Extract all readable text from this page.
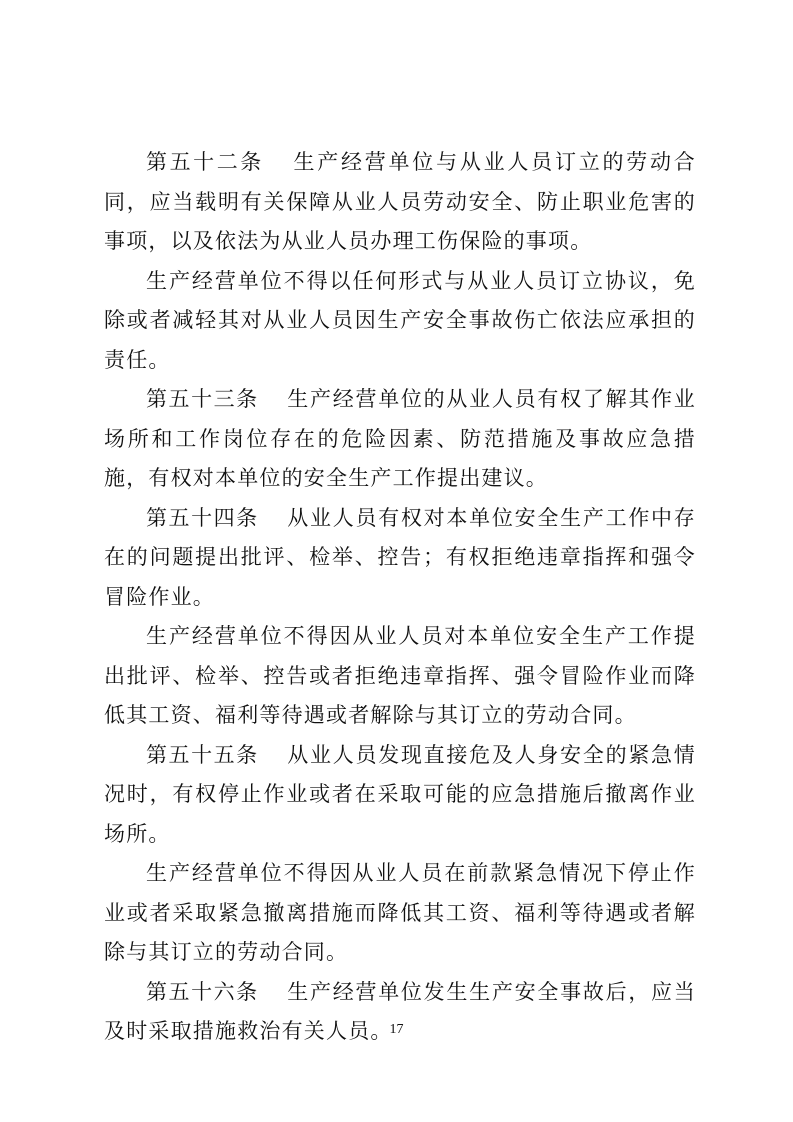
第五十二条 生产经营单位与从业人员订立的劳动合同，应当载明有关保障从业人员劳动安全、防止职业危害的事项，以及依法为从业人员办理工伤保险的事项。

生产经营单位不得以任何形式与从业人员订立协议，免除或者减轻其对从业人员因生产安全事故伤亡依法应承担的责任。

第五十三条 生产经营单位的从业人员有权了解其作业场所和工作岗位存在的危险因素、防范措施及事故应急措施，有权对本单位的安全生产工作提出建议。

第五十四条 从业人员有权对本单位安全生产工作中存在的问题提出批评、检举、控告；有权拒绝违章指挥和强令冒险作业。

生产经营单位不得因从业人员对本单位安全生产工作提出批评、检举、控告或者拒绝违章指挥、强令冒险作业而降低其工资、福利等待遇或者解除与其订立的劳动合同。

第五十五条 从业人员发现直接危及人身安全的紧急情况时，有权停止作业或者在采取可能的应急措施后撤离作业场所。

生产经营单位不得因从业人员在前款紧急情况下停止作业或者采取紧急撤离措施而降低其工资、福利等待遇或者解除与其订立的劳动合同。

第五十六条 生产经营单位发生生产安全事故后，应当及时采取措施救治有关人员。

17
